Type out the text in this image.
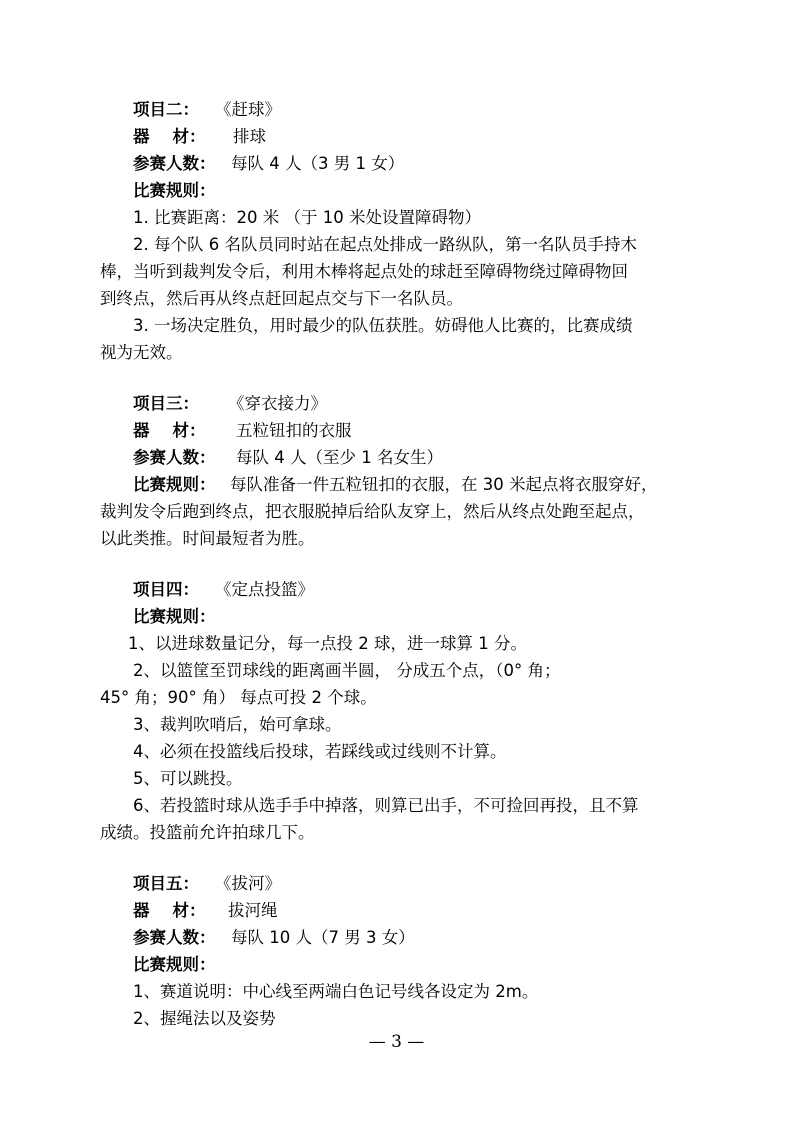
项目二： 《赶球》
器    材： 排球
参赛人数： 每队 4 人（3 男 1 女）
比赛规则：
1. 比赛距离：20 米 （于 10 米处设置障碍物）
2. 每个队 6 名队员同时站在起点处排成一路纵队，第一名队员手持木
棒，当听到裁判发令后，利用木棒将起点处的球赶至障碍物绕过障碍物回
到终点，然后再从终点赶回起点交与下一名队员。
3. 一场决定胜负，用时最少的队伍获胜。妨碍他人比赛的，比赛成绩
视为无效。
项目三： 《穿衣接力》
器    材： 五粒钮扣的衣服
参赛人数： 每队 4 人（至少 1 名女生）
比赛规则： 每队准备一件五粒钮扣的衣服，在 30 米起点将衣服穿好，
裁判发令后跑到终点，把衣服脱掉后给队友穿上，然后从终点处跑至起点，
以此类推。时间最短者为胜。
项目四： 《定点投篮》
比赛规则：
1、以进球数量记分，每一点投 2 球，进一球算 1 分。
2、以篮筐至罚球线的距离画半圆， 分成五个点，（0° 角；
45° 角；90° 角） 每点可投 2 个球。
3、裁判吹哨后，始可拿球。
4、必须在投篮线后投球，若踩线或过线则不计算。
5、可以跳投。
6、若投篮时球从选手手中掉落，则算已出手，不可捡回再投，且不算
成绩。投篮前允许拍球几下。
项目五： 《拔河》
器    材： 拔河绳
参赛人数： 每队 10 人（7 男 3 女）
比赛规则：
1、赛道说明：中心线至两端白色记号线各设定为 2m。
2、握绳法以及姿势
— 3 —
